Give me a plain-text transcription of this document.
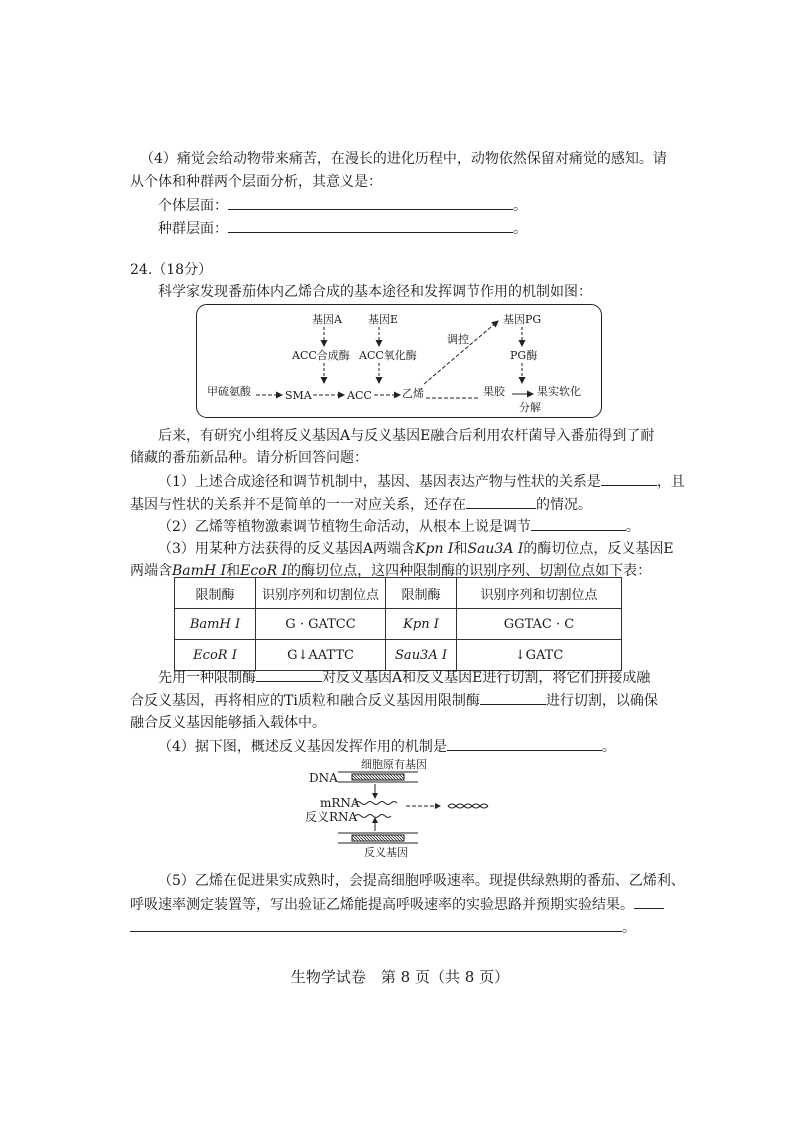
（4）痛觉会给动物带来痛苦，在漫长的进化历程中，动物依然保留对痛觉的感知。请
从个体和种群两个层面分析，其意义是：
个体层面：	。
种群层面：	。
24.（18分）
科学家发现番茄体内乙烯合成的基本途径和发挥调节作用的机制如图：
基因A 基因E
ACC合成酶 ACC氧化酶
甲硫氨酸	SMA	ACC	乙烯
调控
基因PG
PG酶
果胶
分解
果实软化
后来，有研究小组将反义基因A与反义基因E融合后利用农杆菌导入番茄得到了耐
储藏的番茄新品种。请分析回答问题：
（1）上述合成途径和调节机制中，基因、基因表达产物与性状的关系是	，且
基因与性状的关系并不是简单的一一对应关系，还存在	的情况。
（2）乙烯等植物激素调节植物生命活动，从根本上说是调节	。
（3）用某种方法获得的反义基因A两端含Kpn Ⅰ和Sau3A Ⅰ的酶切位点，反义基因E
两端含BamH Ⅰ和EcoR Ⅰ的酶切位点，这四种限制酶的识别序列、切割位点如下表：
限制酶	识别序列和切割位点	限制酶	识别序列和切割位点
BamH Ⅰ	G · GATCC	Kpn Ⅰ	GGTAC · C
EcoR Ⅰ	G↓AATTC	Sau3A Ⅰ	↓GATC
先用一种限制酶	对反义基因A和反义基因E进行切割，将它们拼接成融
合反义基因，再将相应的Ti质粒和融合反义基因用限制酶	进行切割，以确保
融合反义基因能够插入载体中。
（4）据下图，概述反义基因发挥作用的机制是	。
细胞原有基因
DNA
mRNA
反义RNA
反义基因
（5）乙烯在促进果实成熟时，会提高细胞呼吸速率。现提供绿熟期的番茄、乙烯利、
呼吸速率测定装置等，写出验证乙烯能提高呼吸速率的实验思路并预期实验结果。
。
生物学试卷　第 8 页（共 8 页）
